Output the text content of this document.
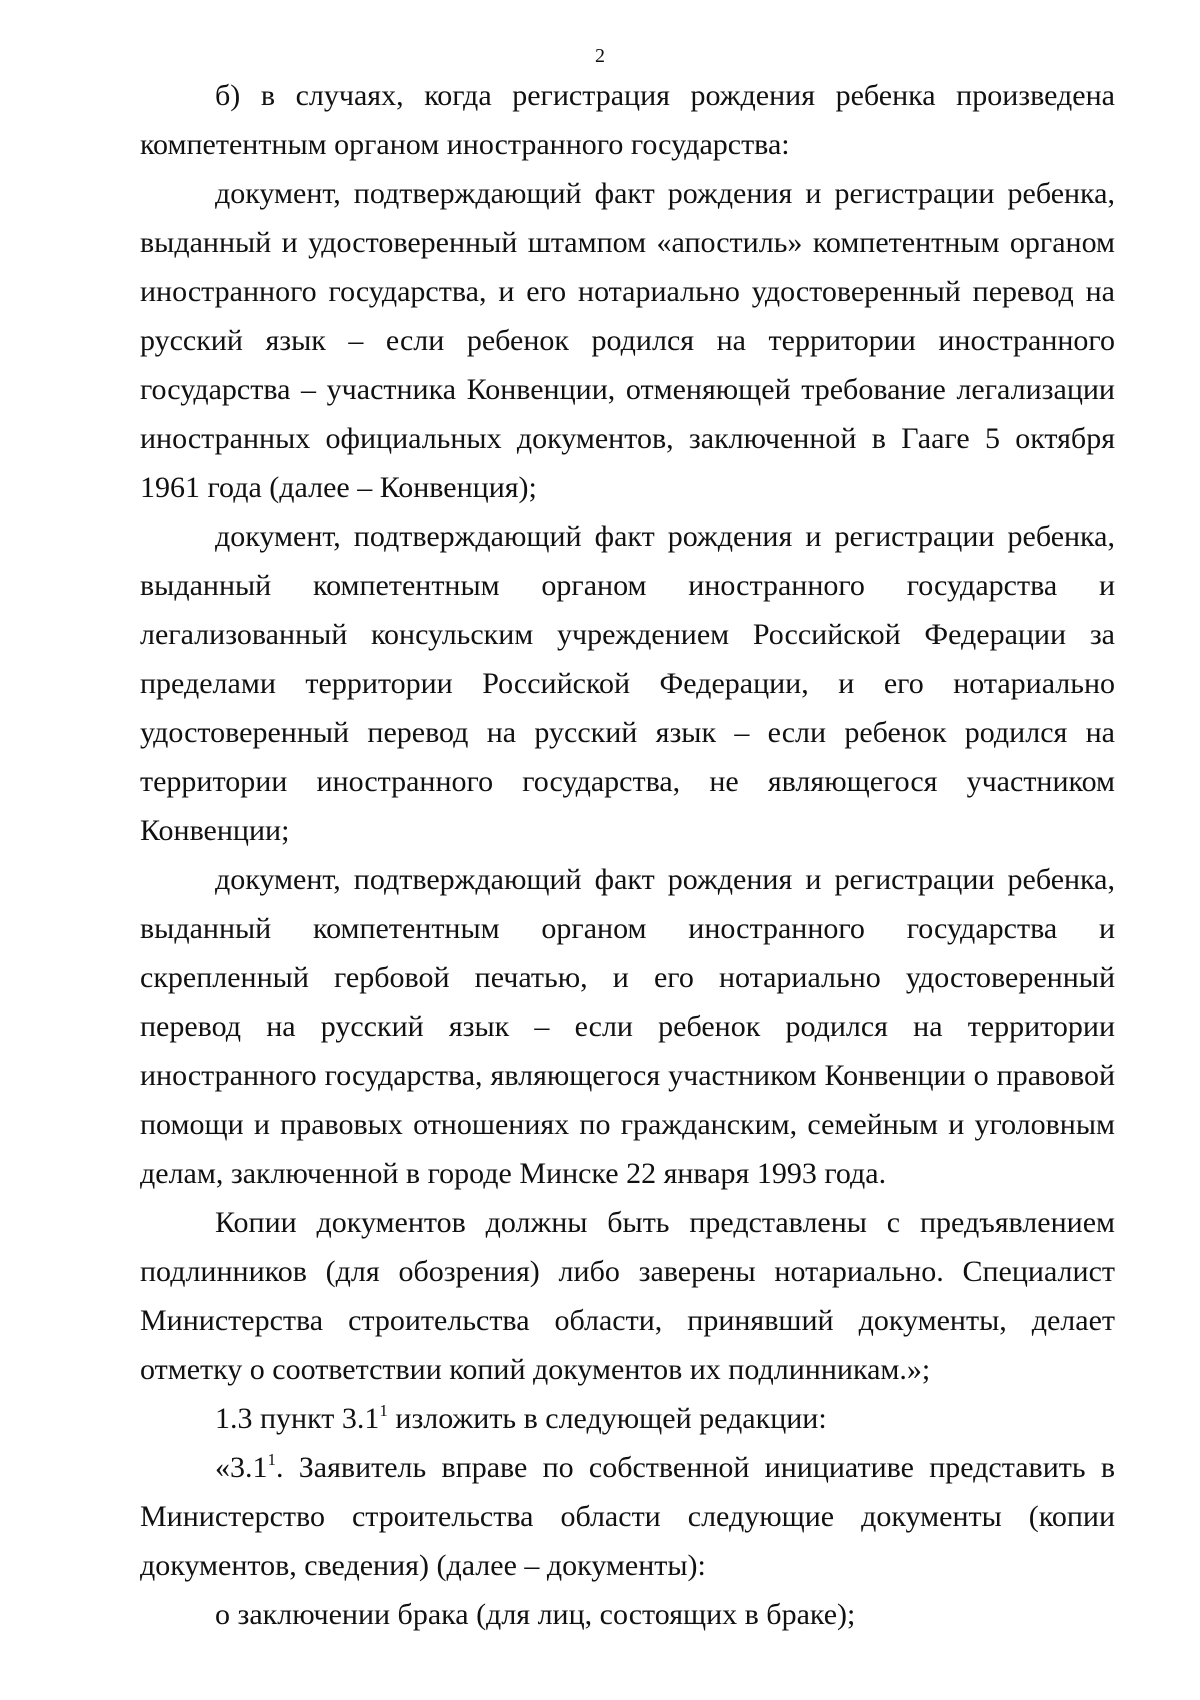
2

б) в случаях, когда регистрация рождения ребенка произведена компетентным органом иностранного государства:

документ, подтверждающий факт рождения и регистрации ребенка, выданный и удостоверенный штампом «апостиль» компетентным органом иностранного государства, и его нотариально удостоверенный перевод на русский язык – если ребенок родился на территории иностранного государства – участника Конвенции, отменяющей требование легализации иностранных официальных документов, заключенной в Гааге 5 октября 1961 года (далее – Конвенция);

документ, подтверждающий факт рождения и регистрации ребенка, выданный компетентным органом иностранного государства и легализованный консульским учреждением Российской Федерации за пределами территории Российской Федерации, и его нотариально удостоверенный перевод на русский язык – если ребенок родился на территории иностранного государства, не являющегося участником Конвенции;

документ, подтверждающий факт рождения и регистрации ребенка, выданный компетентным органом иностранного государства и скрепленный гербовой печатью, и его нотариально удостоверенный перевод на русский язык – если ребенок родился на территории иностранного государства, являющегося участником Конвенции о правовой помощи и правовых отношениях по гражданским, семейным и уголовным делам, заключенной в городе Минске 22 января 1993 года.

Копии документов должны быть представлены с предъявлением подлинников (для обозрения) либо заверены нотариально. Специалист Министерства строительства области, принявший документы, делает отметку о соответствии копий документов их подлинникам.»;

1.3 пункт $3.1^1$ изложить в следующей редакции:

«$3.1^1$. Заявитель вправе по собственной инициативе представить в Министерство строительства области следующие документы (копии документов, сведения) (далее – документы):

о заключении брака (для лиц, состоящих в браке);
